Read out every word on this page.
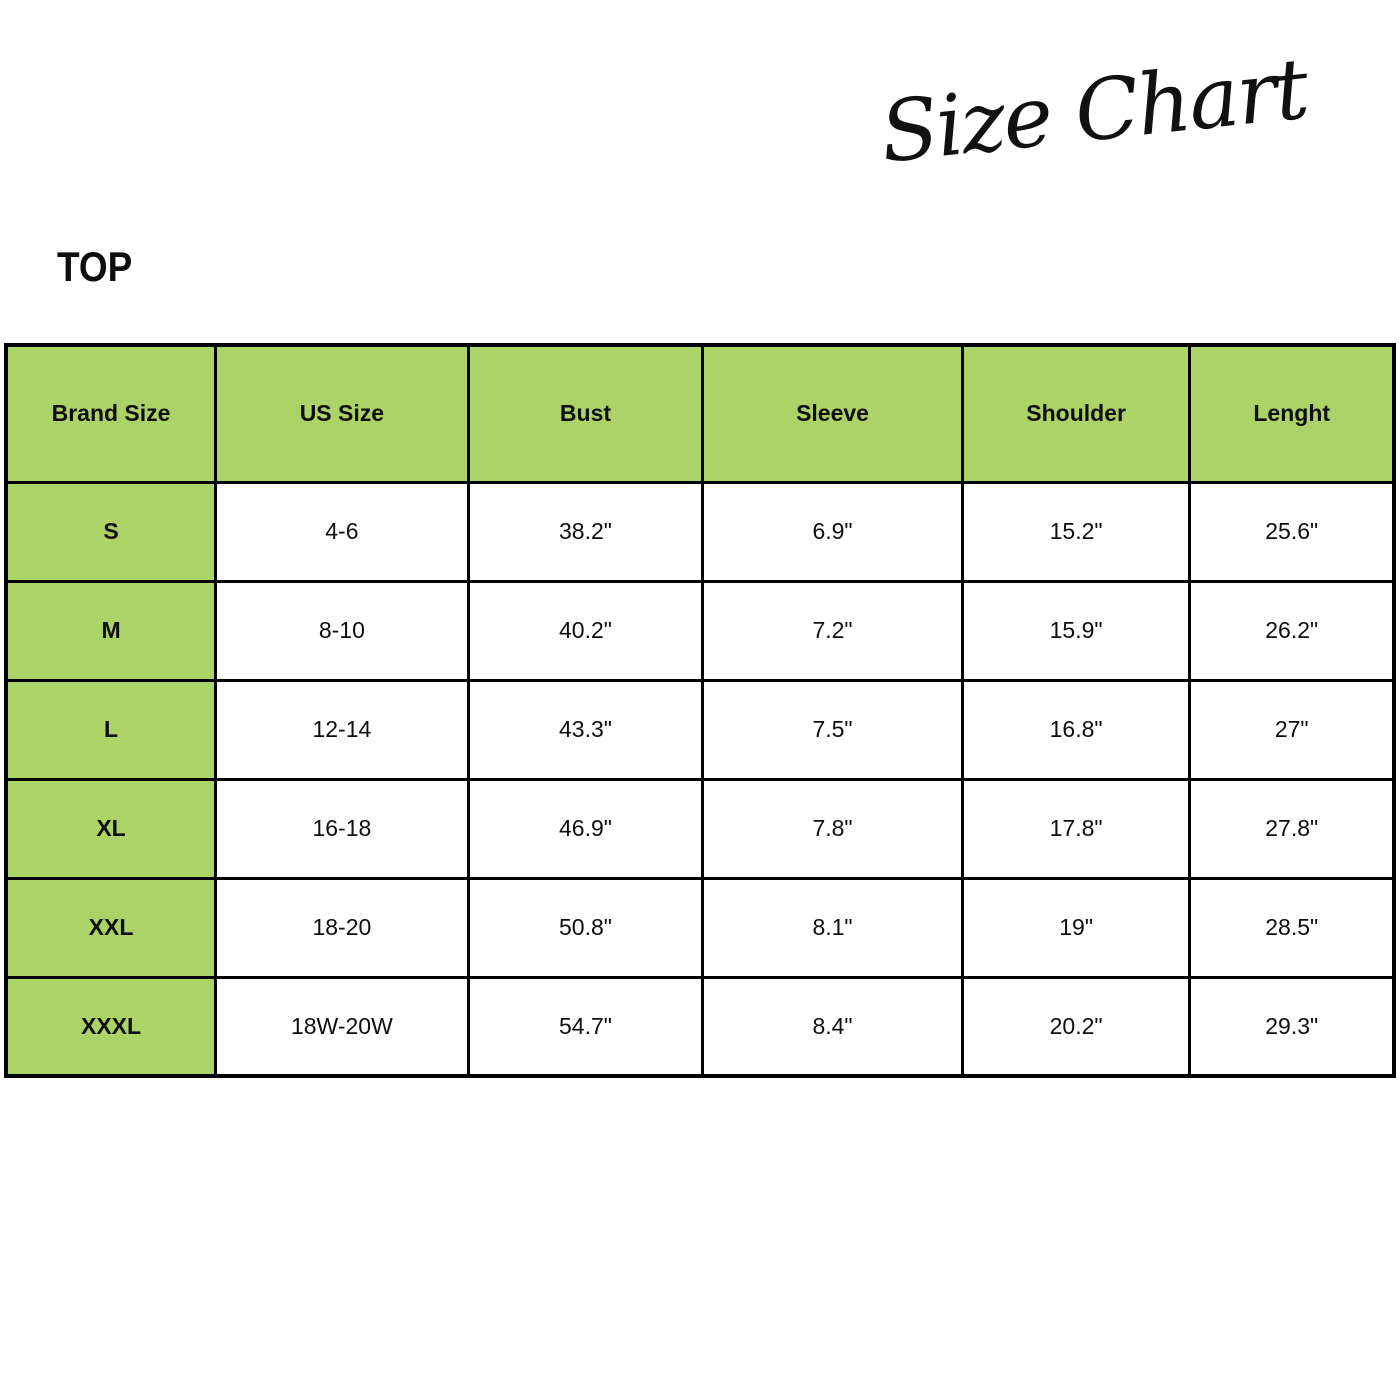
Size Chart
TOP
Brand Size	US Size	Bust	Sleeve	Shoulder	Lenght
S	4-6	38.2"	6.9"	15.2"	25.6"
M	8-10	40.2"	7.2"	15.9"	26.2"
L	12-14	43.3"	7.5"	16.8"	27"
XL	16-18	46.9"	7.8"	17.8"	27.8"
XXL	18-20	50.8"	8.1"	19"	28.5"
XXXL	18W-20W	54.7"	8.4"	20.2"	29.3"
